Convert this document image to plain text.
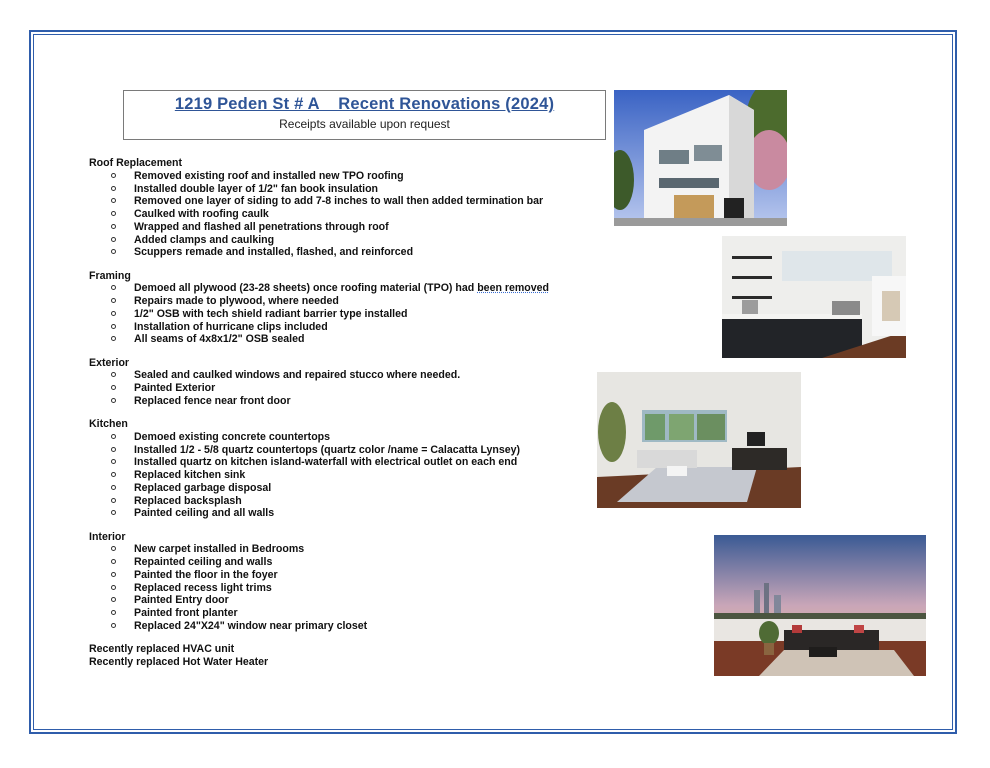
1219 Peden St # A    Recent Renovations (2024)
Receipts available upon request
Roof Replacement
Removed existing roof and installed new TPO roofing
Installed double layer of 1/2" fan book insulation
Removed one layer of siding to add 7-8 inches to wall then added termination bar
Caulked with roofing caulk
Wrapped and flashed all penetrations through roof
Added clamps and caulking
Scuppers remade and installed, flashed, and reinforced
Framing
Demoed all plywood (23-28 sheets) once roofing material (TPO) had been removed
Repairs made to plywood, where needed
1/2" OSB with tech shield radiant barrier type installed
Installation of hurricane clips included
All seams of 4x8x1/2" OSB sealed
Exterior
Sealed and caulked windows and repaired stucco where needed.
Painted Exterior
Replaced fence near front door
Kitchen
Demoed existing concrete countertops
Installed 1/2 - 5/8 quartz countertops (quartz color /name = Calacatta Lynsey)
Installed quartz on kitchen island-waterfall with electrical outlet on each end
Replaced kitchen sink
Replaced garbage disposal
Replaced backsplash
Painted ceiling and all walls
Interior
New carpet installed in Bedrooms
Repainted ceiling and walls
Painted the floor in the foyer
Replaced recess light trims
Painted Entry door
Painted front planter
Replaced 24"X24" window near primary closet
Recently replaced HVAC unit
Recently replaced Hot Water Heater
